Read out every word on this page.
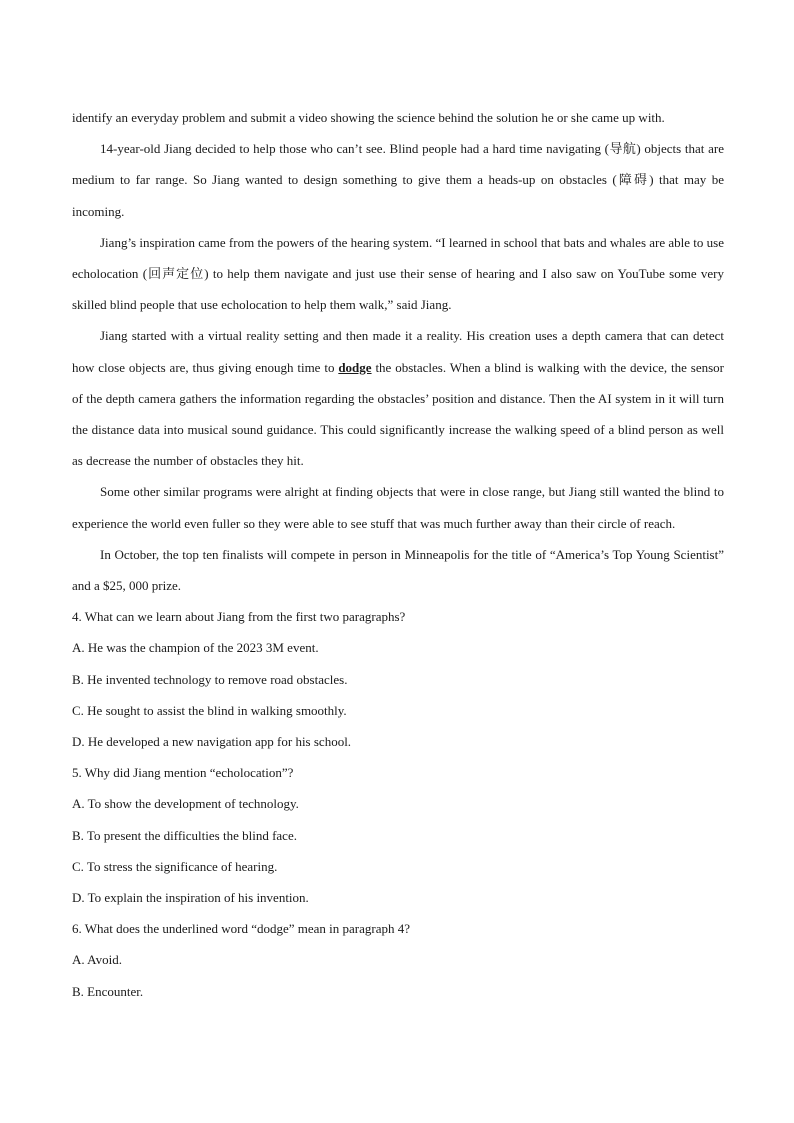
identify an everyday problem and submit a video showing the science behind the solution he or she came up with.

14-year-old Jiang decided to help those who can’t see. Blind people had a hard time navigating (导航) objects that are medium to far range. So Jiang wanted to design something to give them a heads-up on obstacles (障碍) that may be incoming.

Jiang’s inspiration came from the powers of the hearing system. “I learned in school that bats and whales are able to use echolocation (回声定位) to help them navigate and just use their sense of hearing and I also saw on YouTube some very skilled blind people that use echolocation to help them walk,” said Jiang.

Jiang started with a virtual reality setting and then made it a reality. His creation uses a depth camera that can detect how close objects are, thus giving enough time to dodge the obstacles. When a blind is walking with the device, the sensor of the depth camera gathers the information regarding the obstacles’ position and distance. Then the AI system in it will turn the distance data into musical sound guidance. This could significantly increase the walking speed of a blind person as well as decrease the number of obstacles they hit.

Some other similar programs were alright at finding objects that were in close range, but Jiang still wanted the blind to experience the world even fuller so they were able to see stuff that was much further away than their circle of reach.

In October, the top ten finalists will compete in person in Minneapolis for the title of “America’s Top Young Scientist” and a $25, 000 prize.

4. What can we learn about Jiang from the first two paragraphs?

A. He was the champion of the 2023 3M event.

B. He invented technology to remove road obstacles.

C. He sought to assist the blind in walking smoothly.

D. He developed a new navigation app for his school.

5. Why did Jiang mention “echolocation”?

A. To show the development of technology.

B. To present the difficulties the blind face.

C. To stress the significance of hearing.

D. To explain the inspiration of his invention.

6. What does the underlined word “dodge” mean in paragraph 4?

A. Avoid.

B. Encounter.
